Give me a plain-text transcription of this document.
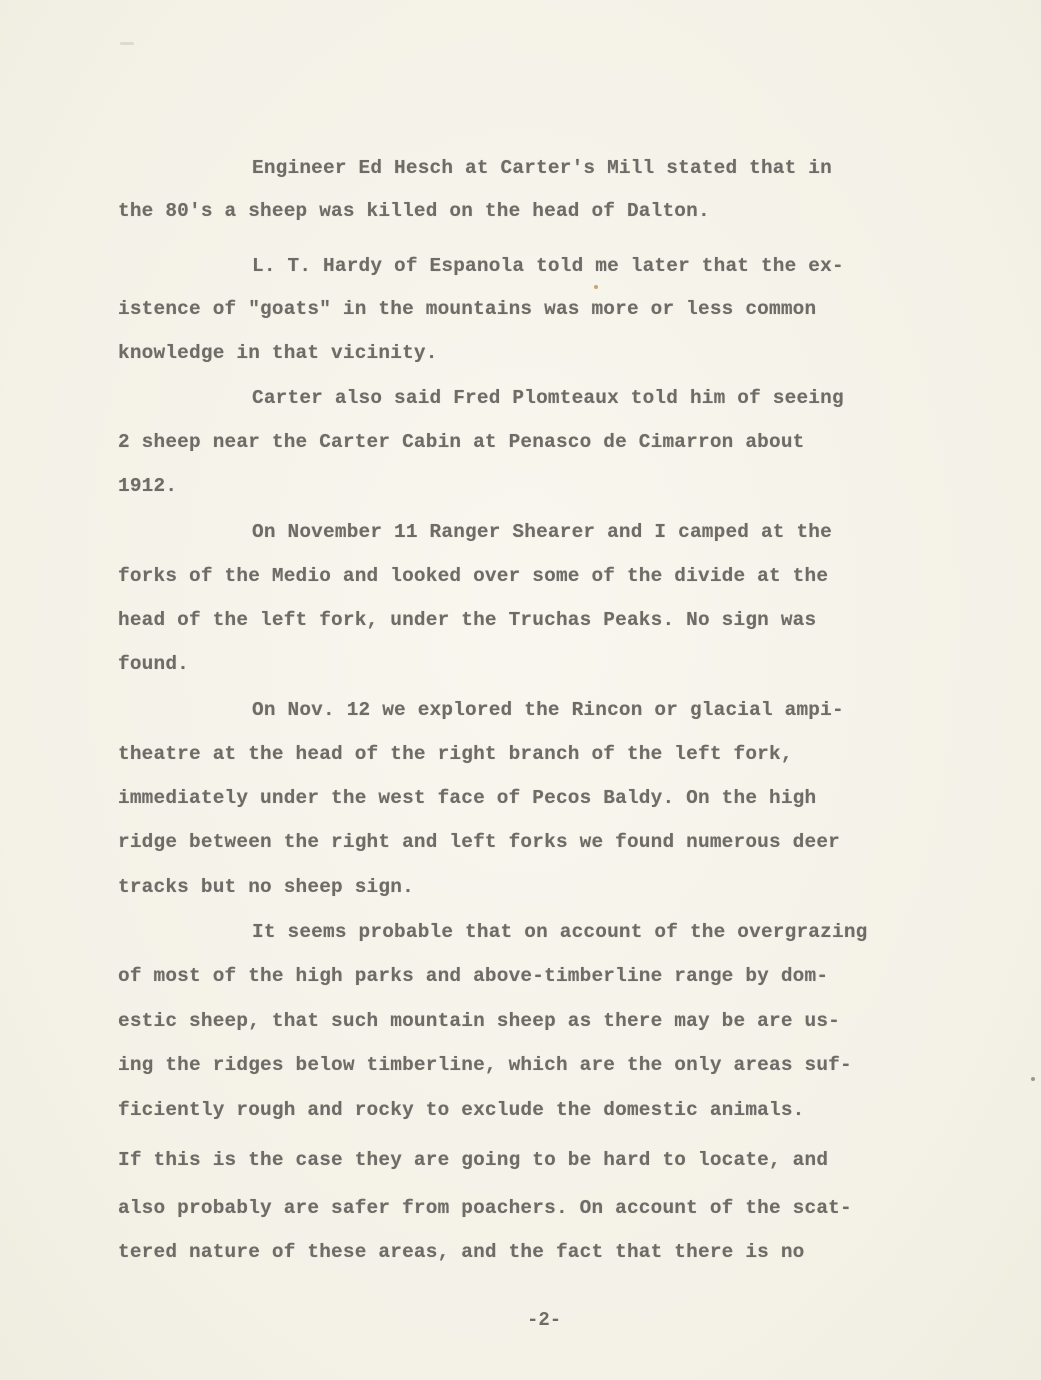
Engineer Ed Hesch at Carter's Mill stated that in
the 80's a sheep was killed on the head of Dalton.
L. T. Hardy of Espanola told me later that the ex-
istence of "goats" in the mountains was more or less common
knowledge in that vicinity.
Carter also said Fred Plomteaux told him of seeing
2 sheep near the Carter Cabin at Penasco de Cimarron about
1912.
On November 11 Ranger Shearer and I camped at the
forks of the Medio and looked over some of the divide at the
head of the left fork, under the Truchas Peaks. No sign was
found.
On Nov. 12 we explored the Rincon or glacial ampi-
theatre at the head of the right branch of the left fork,
immediately under the west face of Pecos Baldy. On the high
ridge between the right and left forks we found numerous deer
tracks but no sheep sign.
It seems probable that on account of the overgrazing
of most of the high parks and above-timberline range by dom-
estic sheep, that such mountain sheep as there may be are us-
ing the ridges below timberline, which are the only areas suf-
ficiently rough and rocky to exclude the domestic animals.
If this is the case they are going to be hard to locate, and
also probably are safer from poachers. On account of the scat-
tered nature of these areas, and the fact that there is no
-2-
